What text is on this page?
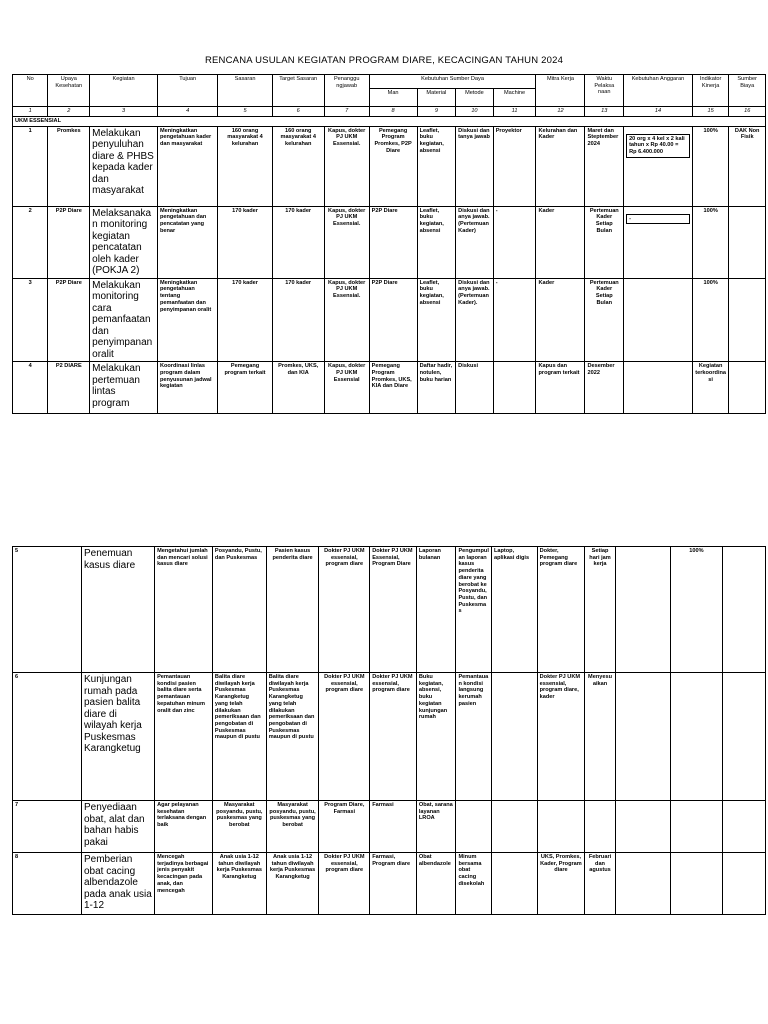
RENCANA USULAN KEGIATAN PROGRAM DIARE, KECACINGAN TAHUN 2024
No	Upaya Kesehatan	Kegiatan	Tujuan	Sasaran	Target Sasaran	Penanggu ngjawab	Kebutuhan Sumber Daya				Mitra Kerja	Waktu Pelaksa naan	Kebutuhan Anggaran	Indikator Kinerja	Sumber Biaya
							Man	Material	Metode	Machine					
1	2	3	4	5	6	7	8	9	10	11	12	13	14	15	16
UKM ESSENSIAL															
1	Promkes	Melakukan penyuluhan diare & PHBS kepada kader dan masyarakat	Meningkatkan pengetahuan kader dan masyarakat	160 orang masyarakat 4 kelurahan	160 orang masyarakat 4 kelurahan	Kapus, dokter PJ UKM Essensial.	Pemegang Program Promkes, P2P Diare	Leaflet, buku kegiatan, absensi	Diskusi dan tanya jawab	Proyektor	Kelurahan dan Kader	Maret dan Steptember 2024	20 org x 4 kel x 2 kali tahun x Rp 40.00 = Rp 6.400.000	100%	DAK Non Fisik
2	P2P Diare	Melaksanakan monitoring kegiatan pencatatan oleh kader (POKJA 2)	Meningkatkan pengetahuan dan pencatatan yang benar	170 kader	170 kader	Kapus, dokter PJ UKM Essensial.	P2P Diare	Leaflet, buku kegiatan, absensi	Diskusi dan anya jawab. (Pertemuan Kader)	-	Kader	Pertemuan Kader Setiap Bulan	-	100%	
3	P2P Diare	Melakukan monitoring cara pemanfaatan dan penyimpanan oralit	Meningkatkan pengetahuan tentang pemanfaatan dan penyimpanan oralit	170 kader	170 kader	Kapus, dokter PJ UKM Essensial.	P2P Diare	Leaflet, buku kegiatan, absensi	Diskusi dan anya jawab. (Pertemuan Kader).	-	Kader	Pertemuan Kader Setiap Bulan		100%	
4	P2 DIARE	Melakukan pertemuan lintas program	Koordinasi linlas program dalam penyusunan jadwal kegiatan	Pemegang program terkait	Promkes, UKS, dan KIA	Kapus, dokter PJ UKM Essensial	Pemegang Program Promkes, UKS, KIA dan Diare	Daftar hadir, notulen, buku harian	Diskusi		Kapus dan program terkait	Desember 2022		Kegiatan terkoordinasi	
5	Penemuan kasus diare	Mengetahui jumlah dan mencari solusi kasus diare	Posyandu, Pustu, dan Puskesmas	Pasien kasus penderita diare	Dokter PJ UKM essensial, program diare	Dokter PJ UKM Essensial, Program Diare	Laporan bulanan	Pengumpulan laporan kasus penderita diare yang berobat ke Posyandu, Pustu, dan Puskesmas	Laptop, aplikasi digis	Dokter, Pemegang program diare	Setiap hari jam kerja		100%	
6	Kunjungan rumah pada pasien balita diare di wilayah kerja Puskesmas Karangketug	Pemantauan kondisi pasien balita diare serta pemantauan kepatuhan minum oralit dan zinc	Balita diare diwilayah kerja Puskesmas Karangketug yang telah dilakukan pemeriksaan dan pengobatan di Puskesmas maupun di pustu	Balita diare diwilayah kerja Puskesmas Karangketug yang telah dilakukan pemeriksaan dan pengobatan di Puskesmas maupun di pustu	Dokter PJ UKM essensial, program diare	Dokter PJ UKM essensial, program diare	Buku kegiatan, absensi, buku kegiatan kunjungan rumah	Pemantauan kondisi langsung kerumah pasien		Dokter PJ UKM essensial, program diare, kader	Menyesuaikan			
7	Penyediaan obat, alat dan bahan habis pakai	Agar pelayanan kesehatan terlaksana dengan baik	Masyarakat posyandu, pustu, puskesmas yang berobat	Masyarakat posyandu, pustu, puskesmas yang berobat	Program Diare, Farmasi	Farmasi	Obat, sarana layanan LROA							
8	Pemberian obat cacing albendazole pada anak usia 1-12	Mencegah terjadinya berbagai jenis penyakit kecacingan pada anak, dan mencegah	Anak usia 1-12 tahun diwilayah kerja Puskesmas Karangketug	Anak usia 1-12 tahun diwilayah kerja Puskesmas Karangketug	Dokter PJ UKM essensial, program diare	Farmasi, Program diare	Obat albendazole	Minum bersama obat cacing disekolah		UKS, Promkes, Kader, Program diare	Februari dan agustus			
